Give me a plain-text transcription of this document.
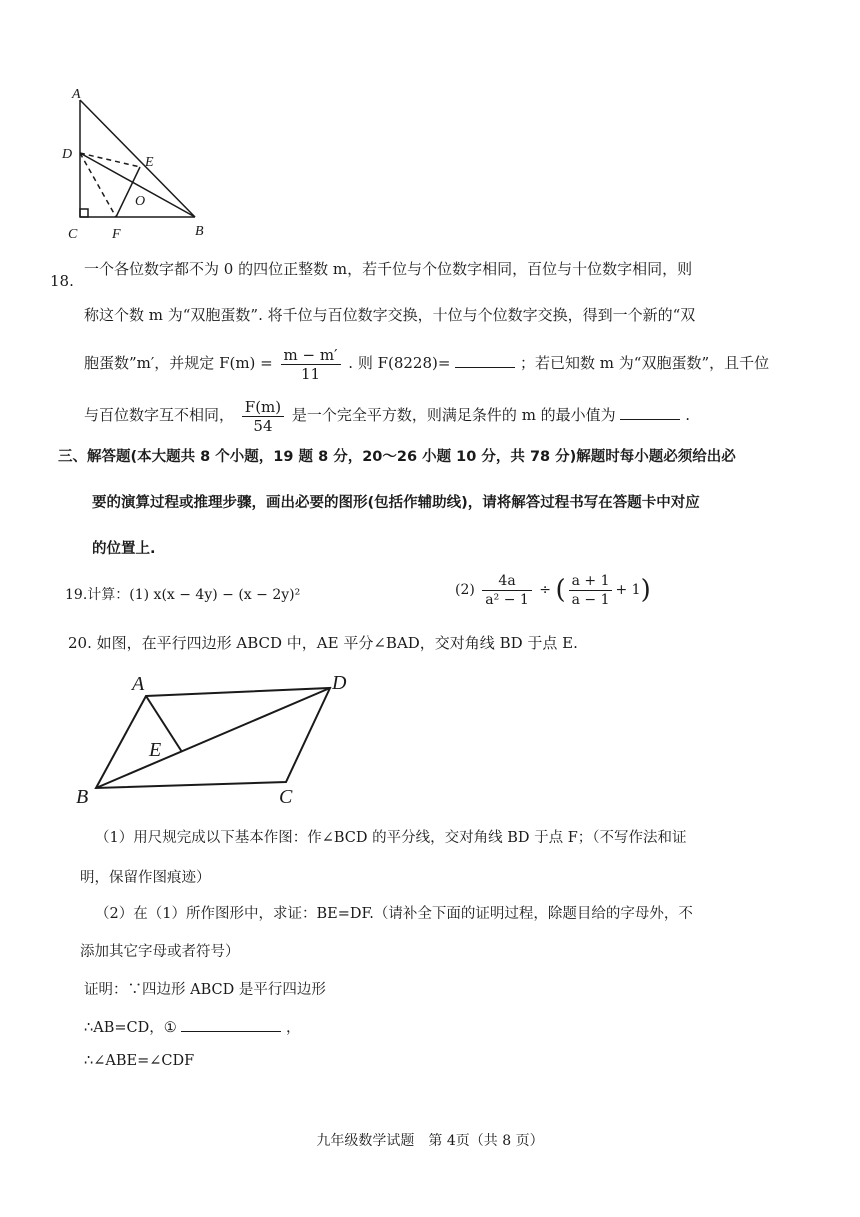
A
D
E
O
C F	B
18.
一个各位数字都不为 0 的四位正整数 m，若千位与个位数字相同，百位与十位数字相同，则
称这个数 m 为“双胞蛋数”. 将千位与百位数字交换，十位与个位数字交换，得到一个新的“双
胞蛋数”m′，并规定 $F(m) = \frac{m - m'}{11}$ . 则 F(8228)=	；若已知数 m 为“双胞蛋数”，且千位
与百位数字互不相同， $\frac{F(m)}{54}$ 是一个完全平方数，则满足条件的 m 的最小值为	.
三、解答题(本大题共 8 个小题，19 题 8 分，20～26 小题 10 分，共 78 分)解题时每小题必须给出必
要的演算过程或推理步骤，画出必要的图形(包括作辅助线)，请将解答过程书写在答题卡中对应
的位置上.
19.计算：(1) x(x − 4y) − (x − 2y)²	$(2) \frac{4a}{\text{a² − 1}}$ ÷ ( $\frac{a + 1}{a - 1} + 1$)
20. 如图，在平行四边形 ABCD 中，AE 平分∠BAD，交对角线 BD 于点 E.
A	D
E
B	C
（1）用尺规完成以下基本作图：作∠BCD 的平分线，交对角线 BD 于点 F；（不写作法和证
明，保留作图痕迹）
（2）在（1）所作图形中，求证：BE=DF.（请补全下面的证明过程，除题目给的字母外，不
添加其它字母或者符号）
证明：∵四边形 ABCD 是平行四边形
∴AB=CD，①	，
∴∠ABE=∠CDF
九年级数学试题　第 4页（共 8 页）
